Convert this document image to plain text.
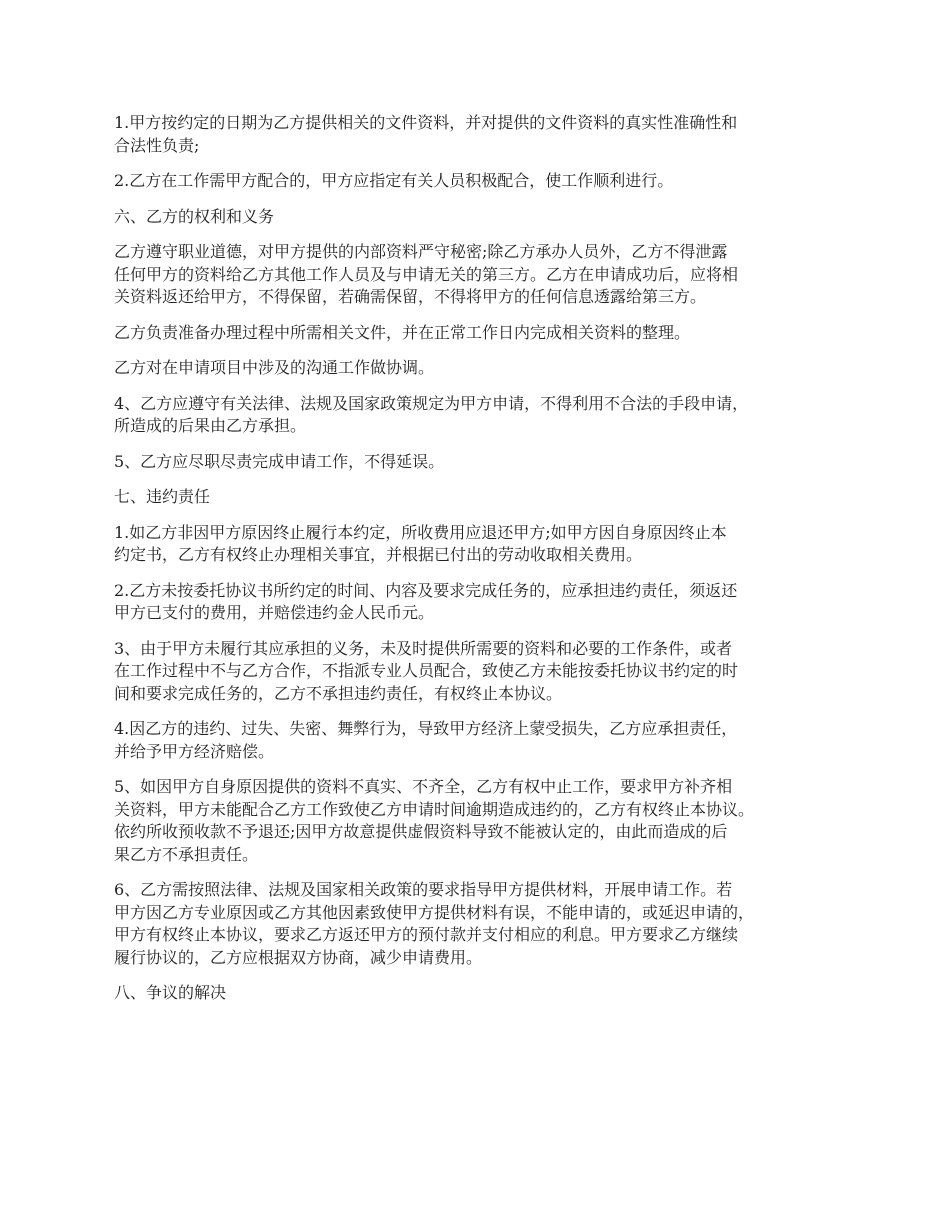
1.甲方按约定的日期为乙方提供相关的文件资料，并对提供的文件资料的真实性准确性和
合法性负责;
2.乙方在工作需甲方配合的，甲方应指定有关人员积极配合，使工作顺利进行。
六、乙方的权利和义务
乙方遵守职业道德，对甲方提供的内部资料严守秘密;除乙方承办人员外，乙方不得泄露
任何甲方的资料给乙方其他工作人员及与申请无关的第三方。乙方在申请成功后，应将相
关资料返还给甲方，不得保留，若确需保留，不得将甲方的任何信息透露给第三方。
乙方负责准备办理过程中所需相关文件，并在正常工作日内完成相关资料的整理。
乙方对在申请项目中涉及的沟通工作做协调。
4、乙方应遵守有关法律、法规及国家政策规定为甲方申请，不得利用不合法的手段申请，
所造成的后果由乙方承担。
5、乙方应尽职尽责完成申请工作，不得延误。
七、违约责任
1.如乙方非因甲方原因终止履行本约定，所收费用应退还甲方;如甲方因自身原因终止本
约定书，乙方有权终止办理相关事宜，并根据已付出的劳动收取相关费用。
2.乙方未按委托协议书所约定的时间、内容及要求完成任务的，应承担违约责任，须返还
甲方已支付的费用，并赔偿违约金人民币元。
3、由于甲方未履行其应承担的义务，未及时提供所需要的资料和必要的工作条件，或者
在工作过程中不与乙方合作，不指派专业人员配合，致使乙方未能按委托协议书约定的时
间和要求完成任务的，乙方不承担违约责任，有权终止本协议。
4.因乙方的违约、过失、失密、舞弊行为，导致甲方经济上蒙受损失，乙方应承担责任，
并给予甲方经济赔偿。
5、如因甲方自身原因提供的资料不真实、不齐全，乙方有权中止工作，要求甲方补齐相
关资料，甲方未能配合乙方工作致使乙方申请时间逾期造成违约的，乙方有权终止本协议。
依约所收预收款不予退还;因甲方故意提供虚假资料导致不能被认定的，由此而造成的后
果乙方不承担责任。
6、乙方需按照法律、法规及国家相关政策的要求指导甲方提供材料，开展申请工作。若
甲方因乙方专业原因或乙方其他因素致使甲方提供材料有误，不能申请的，或延迟申请的，
甲方有权终止本协议，要求乙方返还甲方的预付款并支付相应的利息。甲方要求乙方继续
履行协议的，乙方应根据双方协商，减少申请费用。
八、争议的解决
